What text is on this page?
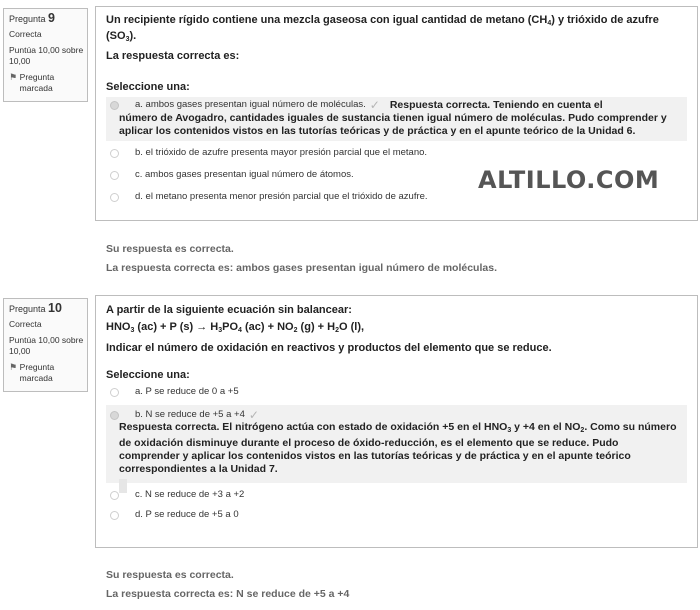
Pregunta 9
Correcta
Puntúa 10,00 sobre 10,00
⚑ Pregunta marcada
Un recipiente rígido contiene una mezcla gaseosa con igual cantidad de metano $(CH_4)$ y trióxido de azufre $(SO_3)$.
La respuesta correcta es:
Seleccione una:
a. ambos gases presentan igual número de moléculas. ✓ Respuesta correcta. Teniendo en cuenta el
número de Avogadro, cantidades iguales de sustancia tienen igual número de moléculas. Pudo comprender y aplicar los contenidos vistos en las tutorías teóricas y de práctica y en el apunte teórico de la Unidad 6.
b. el trióxido de azufre presenta mayor presión parcial que el metano.
c. ambos gases presentan igual número de átomos.
d. el metano presenta menor presión parcial que el trióxido de azufre.
ALTILLO.COM
Su respuesta es correcta.
La respuesta correcta es: ambos gases presentan igual número de moléculas.
Pregunta 10
Correcta
Puntúa 10,00 sobre 10,00
⚑ Pregunta marcada
A partir de la siguiente ecuación sin balancear:
$HNO_3$ (ac) + P $(s) \to H_3PO_4$ $(ac) + NO_2$ $(g) + H_2O$ (l),
Indicar el número de oxidación en reactivos y productos del elemento que se reduce.
Seleccione una:
a. P se reduce de 0 a +5
b. N se reduce de +5 a +4 ✓
Respuesta correcta. El nitrógeno actúa con estado de oxidación +5 en el $HNO_3$ y +4 en el $NO_2$. Como su número de oxidación disminuye durante el proceso de óxido-reducción, es el elemento que se reduce. Pudo comprender y aplicar los contenidos vistos en las tutorías teóricas y de práctica y en el apunte teórico correspondientes a la Unidad 7.
c. N se reduce de +3 a +2
d. P se reduce de +5 a 0
Su respuesta es correcta.
La respuesta correcta es: N se reduce de +5 a +4
